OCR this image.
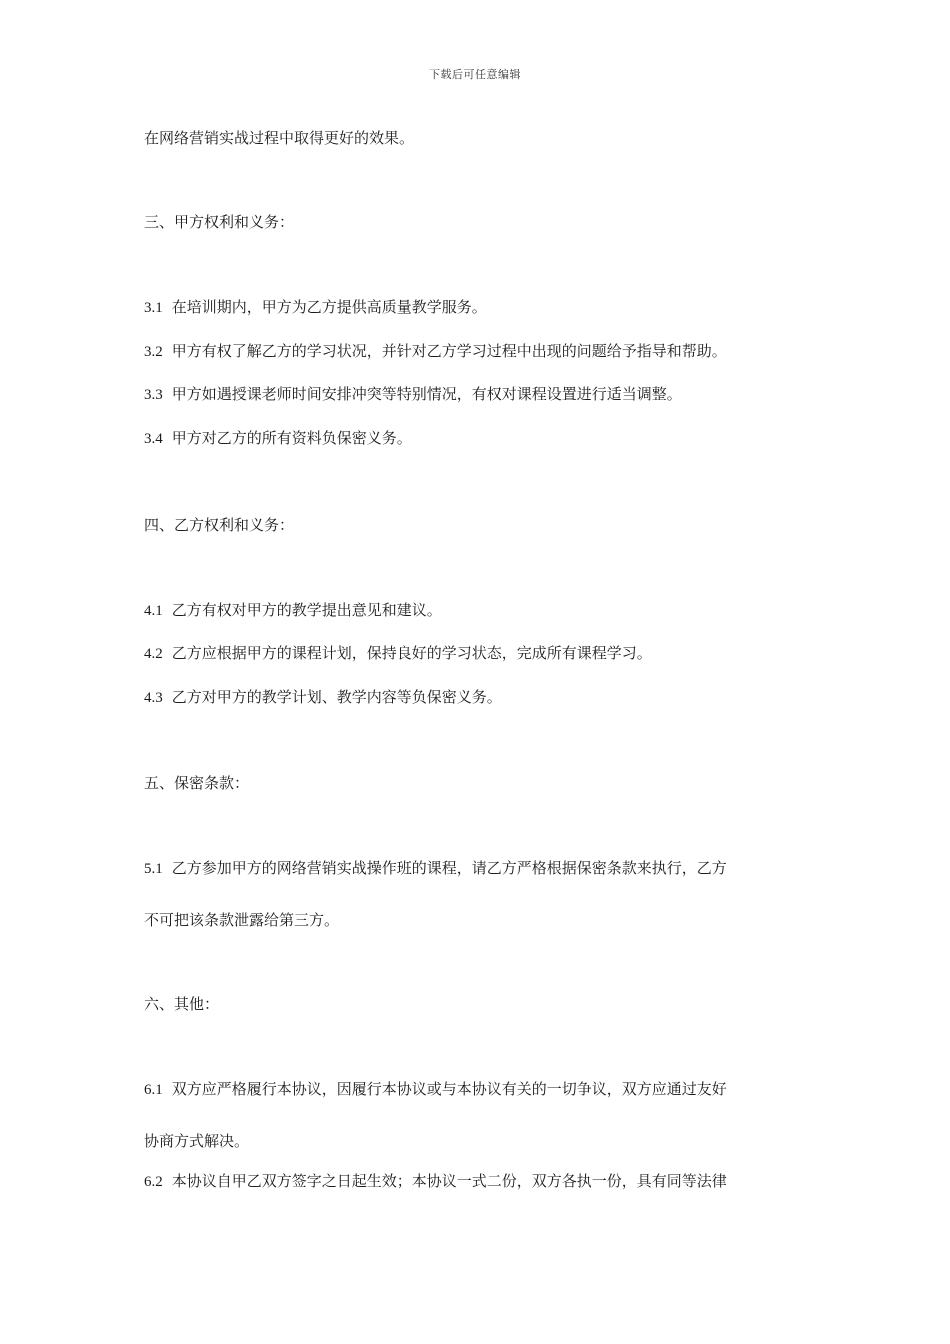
下载后可任意编辑
在网络营销实战过程中取得更好的效果。
三、甲方权利和义务：
3.1 在培训期内，甲方为乙方提供高质量教学服务。
3.2 甲方有权了解乙方的学习状况，并针对乙方学习过程中出现的问题给予指导和帮助。
3.3 甲方如遇授课老师时间安排冲突等特别情况，有权对课程设置进行适当调整。
3.4 甲方对乙方的所有资料负保密义务。
四、乙方权利和义务：
4.1 乙方有权对甲方的教学提出意见和建议。
4.2 乙方应根据甲方的课程计划，保持良好的学习状态，完成所有课程学习。
4.3 乙方对甲方的教学计划、教学内容等负保密义务。
五、保密条款：
5.1 乙方参加甲方的网络营销实战操作班的课程，请乙方严格根据保密条款来执行，乙方
不可把该条款泄露给第三方。
六、其他：
6.1 双方应严格履行本协议，因履行本协议或与本协议有关的一切争议，双方应通过友好
协商方式解决。
6.2 本协议自甲乙双方签字之日起生效；本协议一式二份，双方各执一份，具有同等法律
